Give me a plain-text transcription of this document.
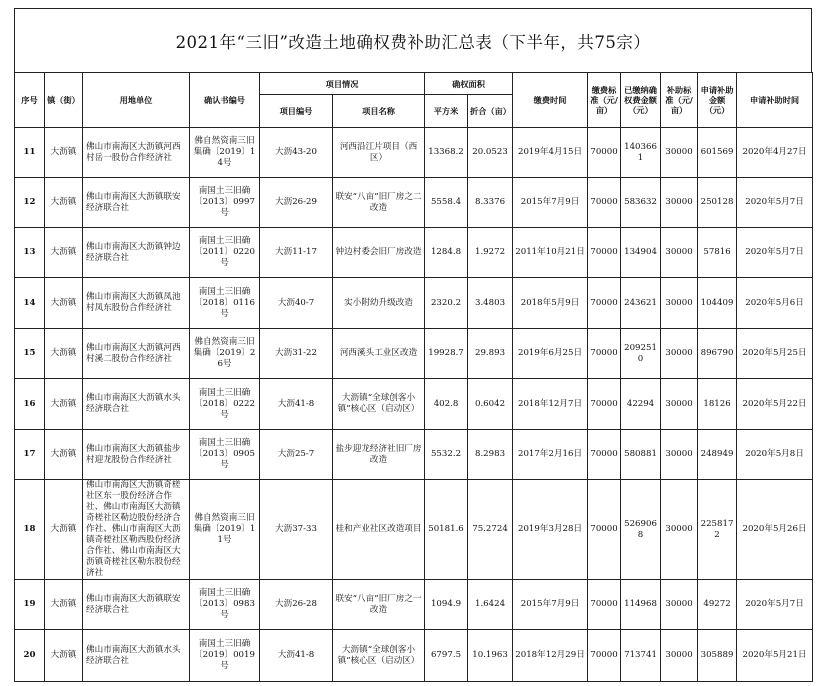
2021年“三旧”改造土地确权费补助汇总表（下半年，共75宗）
序号	镇（街）	用地单位	确认书编号	项目情况		确权面积		缴费时间	缴费标准（元/亩）	已缴纳确权费金额（元）	补助标准（元/亩）	申请补助金额（元）	申请补助时间
				项目编号	项目名称	平方米	折合（亩）						
11	大沥镇	佛山市南海区大沥镇河西村岳一股份合作经济社	佛自然资南三旧集确〔2019〕14号	大沥43-20	河西沿江片项目（西区）	13368.2	20.0523	2019年4月15日	70000	1403661	30000	601569	2020年4月27日
12	大沥镇	佛山市南海区大沥镇联安经济联合社	南国土三旧确〔2013〕0997号	大沥26-29	联安“八亩”旧厂房之二改造	5558.4	8.3376	2015年7月9日	70000	583632	30000	250128	2020年5月7日
13	大沥镇	佛山市南海区大沥镇钟边经济联合社	南国土三旧确〔2011〕0220号	大沥11-17	钟边村委会旧厂房改造	1284.8	1.9272	2011年10月21日	70000	134904	30000	57816	2020年5月7日
14	大沥镇	佛山市南海区大沥镇凤池村凤东股份合作经济社	南国土三旧确〔2018〕0116号	大沥40-7	实小附幼升级改造	2320.2	3.4803	2018年5月9日	70000	243621	30000	104409	2020年5月6日
15	大沥镇	佛山市南海区大沥镇河西村溪二股份合作经济社	佛自然资南三旧集确〔2019〕26号	大沥31-22	河西溪头工业区改造	19928.7	29.893	2019年6月25日	70000	2092510	30000	896790	2020年5月25日
16	大沥镇	佛山市南海区大沥镇水头经济联合社	南国土三旧确〔2018〕0222号	大沥41-8	大沥镇“全球创客小镇”核心区（启动区）	402.8	0.6042	2018年12月7日	70000	42294	30000	18126	2020年5月22日
17	大沥镇	佛山市南海区大沥镇盐步村迎龙股份合作经济社	南国土三旧确〔2013〕0905号	大沥25-7	盐步迎龙经济社旧厂房改造	5532.2	8.2983	2017年2月16日	70000	580881	30000	248949	2020年5月8日
18	大沥镇	佛山市南海区大沥镇奇槎社区东一股份经济合作社、佛山市南海区大沥镇奇槎社区勒边股份经济合作社、佛山市南海区大沥镇奇槎社区勒西股份经济合作社、佛山市南海区大沥镇奇槎社区勒东股份经济社	佛自然资南三旧集确〔2019〕11号	大沥37-33	桂和产业社区改造项目	50181.6	75.2724	2019年3月28日	70000	5269068	30000	2258172	2020年5月26日
19	大沥镇	佛山市南海区大沥镇联安经济联合社	南国土三旧确〔2013〕0983号	大沥26-28	联安“八亩”旧厂房之一改造	1094.9	1.6424	2015年7月9日	70000	114968	30000	49272	2020年5月7日
20	大沥镇	佛山市南海区大沥镇水头经济联合社	南国土三旧确〔2019〕0019号	大沥41-8	大沥镇“全球创客小镇”核心区（启动区）	6797.5	10.1963	2018年12月29日	70000	713741	30000	305889	2020年5月21日
